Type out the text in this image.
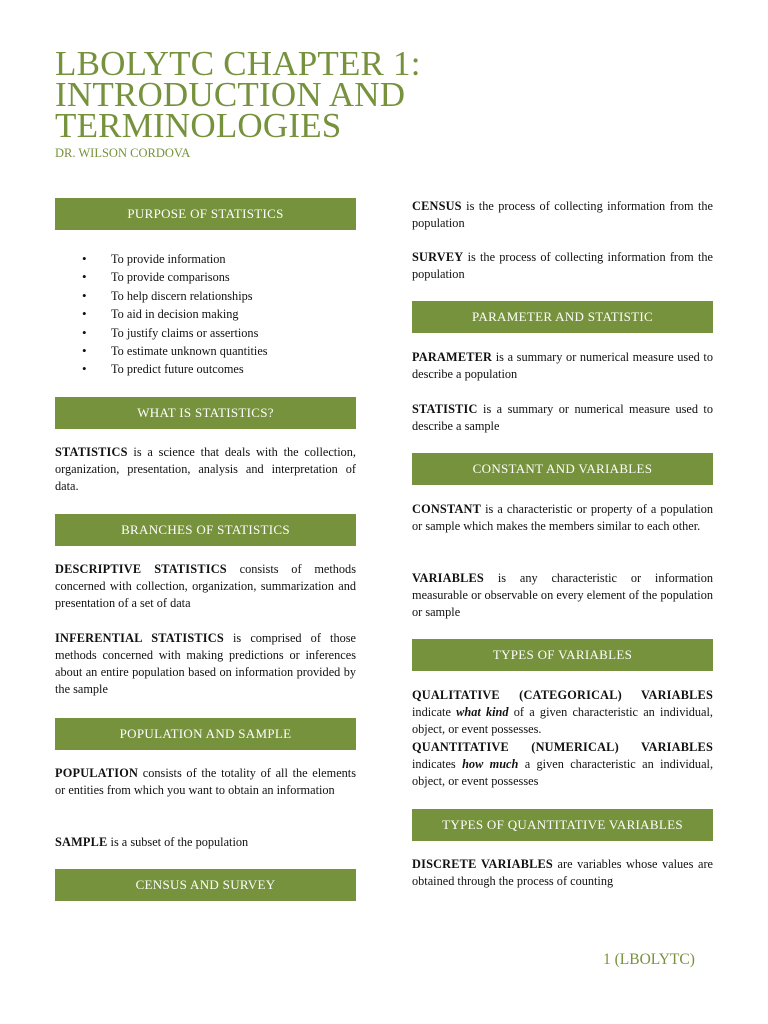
LBOLYTC CHAPTER 1:
INTRODUCTION AND
TERMINOLOGIES
DR. WILSON CORDOVA
PURPOSE OF STATISTICS
• To provide information
• To provide comparisons
• To help discern relationships
• To aid in decision making
• To justify claims or assertions
• To estimate unknown quantities
• To predict future outcomes
WHAT IS STATISTICS?

STATISTICS is a science that deals with the collection, organization, presentation, analysis and interpretation of data.

BRANCHES OF STATISTICS

DESCRIPTIVE STATISTICS consists of methods concerned with collection, organization, summarization and presentation of a set of data

INFERENTIAL STATISTICS is comprised of those methods concerned with making predictions or inferences about an entire population based on information provided by the sample

POPULATION AND SAMPLE

POPULATION consists of the totality of all the elements or entities from which you want to obtain an information

SAMPLE is a subset of the population

CENSUS AND SURVEY

CENSUS is the process of collecting information from the population

SURVEY is the process of collecting information from the population

PARAMETER AND STATISTIC

PARAMETER is a summary or numerical measure used to describe a population

STATISTIC is a summary or numerical measure used to describe a sample

CONSTANT AND VARIABLES

CONSTANT is a characteristic or property of a population or sample which makes the members similar to each other.

VARIABLES is any characteristic or information measurable or observable on every element of the population or sample

TYPES OF VARIABLES

QUALITATIVE (CATEGORICAL) VARIABLES indicate what kind of a given characteristic an individual, object, or event possesses.

QUANTITATIVE (NUMERICAL) VARIABLES indicates how much a given characteristic an individual, object, or event possesses

TYPES OF QUANTITATIVE VARIABLES

DISCRETE VARIABLES are variables whose values are obtained through the process of counting

1 (LBOLYTC)
